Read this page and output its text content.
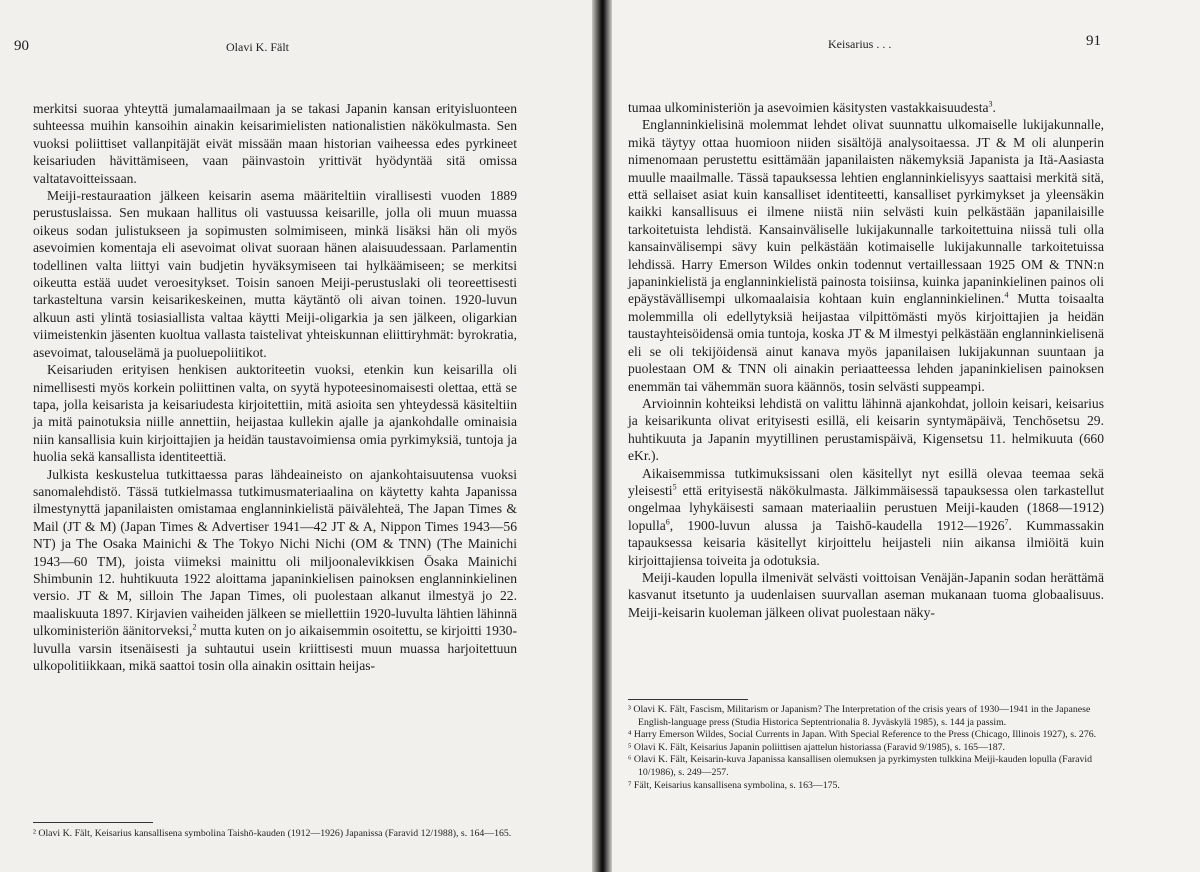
90	Olavi K. Fält

merkitsi suoraa yhteyttä jumalamaailmaan ja se takasi Japanin kansan erityisluonteen suhteessa muihin kansoihin ainakin keisarimielisten nationalistien näkökulmasta. Sen vuoksi poliittiset vallanpitäjät eivät missään maan historian vaiheessa edes pyrkineet keisariuden hävittämiseen, vaan päinvastoin yrittivät hyödyntää sitä omissa valtatavoitteissaan.

Meiji-restauraation jälkeen keisarin asema määriteltiin virallisesti vuoden 1889 perustuslaissa. Sen mukaan hallitus oli vastuussa keisarille, jolla oli muun muassa oikeus sodan julistukseen ja sopimusten solmimiseen, minkä lisäksi hän oli myös asevoimien komentaja eli asevoimat olivat suoraan hänen alaisuudessaan. Parlamentin todellinen valta liittyi vain budjetin hyväksymiseen tai hylkäämiseen; se merkitsi oikeutta estää uudet veroesitykset. Toisin sanoen Meiji-perustuslaki oli teoreettisesti tarkasteltuna varsin keisarikeskeinen, mutta käytäntö oli aivan toinen. 1920-luvun alkuun asti ylintä tosiasiallista valtaa käytti Meiji-oligarkia ja sen jälkeen, oligarkian viimeistenkin jäsenten kuoltua vallasta taistelivat yhteiskunnan eliittiryhmät: byrokratia, asevoimat, talouselämä ja puoluepoliitikot.

Keisariuden erityisen henkisen auktoriteetin vuoksi, etenkin kun keisarilla oli nimellisesti myös korkein poliittinen valta, on syytä hypoteesinomaisesti olettaa, että se tapa, jolla keisarista ja keisariudesta kirjoitettiin, mitä asioita sen yhteydessä käsiteltiin ja mitä painotuksia niille annettiin, heijastaa kullekin ajalle ja ajankohdalle ominaisia niin kansallisia kuin kirjoittajien ja heidän taustavoimiensa omia pyrkimyksiä, tuntoja ja huolia sekä kansallista identiteettiä.

Julkista keskustelua tutkittaessa paras lähdeaineisto on ajankohtaisuutensa vuoksi sanomalehdistö. Tässä tutkielmassa tutkimusmateriaalina on käytetty kahta Japanissa ilmestynyttä japanilaisten omistamaa englanninkielistä päivälehteä, The Japan Times & Mail (JT & M) (Japan Times & Advertiser 1941—42 JT & A, Nippon Times 1943—56 NT) ja The Osaka Mainichi & The Tokyo Nichi Nichi (OM & TNN) (The Mainichi 1943—60 TM), joista viimeksi mainittu oli miljoonalevikkisen Ōsaka Mainichi Shimbunin 12. huhtikuuta 1922 aloittama japaninkielisen painoksen englanninkielinen versio. JT & M, silloin The Japan Times, oli puolestaan alkanut ilmestyä jo 22. maaliskuuta 1897. Kirjavien vaiheiden jälkeen se miellettiin 1920-luvulta lähtien lähinnä ulkoministeriön äänitorveksi,$^2$ mutta kuten on jo aikaisemmin osoitettu, se kirjoitti 1930-luvulla varsin itsenäisesti ja suhtautui usein kriittisesti muun muassa harjoitettuun ulkopolitiikkaan, mikä saattoi tosin olla ainakin osittain heijas-

² Olavi K. Fält, Keisarius kansallisena symbolina Taishō-kauden (1912—1926) Japanissa (Faravid 12/1988), s. 164—165.

Keisarius . . .	91

tumaa ulkoministeriön ja asevoimien käsitysten vastakkaisuudesta$^3$.

Englanninkielisinä molemmat lehdet olivat suunnattu ulkomaiselle lukijakunnalle, mikä täytyy ottaa huomioon niiden sisältöjä analysoitaessa. JT & M oli alunperin nimenomaan perustettu esittämään japanilaisten näkemyksiä Japanista ja Itä-Aasiasta muulle maailmalle. Tässä tapauksessa lehtien englanninkielisyys saattaisi merkitä sitä, että sellaiset asiat kuin kansalliset identiteetti, kansalliset pyrkimykset ja yleensäkin kaikki kansallisuus ei ilmene niistä niin selvästi kuin pelkästään japanilaisille tarkoitetuista lehdistä. Kansainväliselle lukijakunnalle tarkoitettuina niissä tuli olla kansainvälisempi sävy kuin pelkästään kotimaiselle lukijakunnalle tarkoitetuissa lehdissä. Harry Emerson Wildes onkin todennut vertaillessaan 1925 OM & TNN:n japaninkielistä ja englanninkielistä painosta toisiinsa, kuinka japaninkielinen painos oli epäystävällisempi ulkomaalaisia kohtaan kuin englanninkielinen.$^4$ Mutta toisaalta molemmilla oli edellytyksiä heijastaa vilpittömästi myös kirjoittajien ja heidän taustayhteisöidensä omia tuntoja, koska JT & M ilmestyi pelkästään englanninkielisenä eli se oli tekijöidensä ainut kanava myös japanilaisen lukijakunnan suuntaan ja puolestaan OM & TNN oli ainakin periaatteessa lehden japaninkielisen painoksen enemmän tai vähemmän suora käännös, tosin selvästi suppeampi.

Arvioinnin kohteiksi lehdistä on valittu lähinnä ajankohdat, jolloin keisari, keisarius ja keisarikunta olivat erityisesti esillä, eli keisarin syntymäpäivä, Tenchōsetsu 29. huhtikuuta ja Japanin myytillinen perustamispäivä, Kigensetsu 11. helmikuuta (660 eKr.).

Aikaisemmissa tutkimuksissani olen käsitellyt nyt esillä olevaa teemaa sekä yleisesti$^5$ että erityisestä näkökulmasta. Jälkimmäisessä tapauksessa olen tarkastellut ongelmaa lyhykäisesti samaan materiaaliin perustuen Meiji-kauden (1868—1912) lopulla$^6$, 1900-luvun alussa ja Taishō-kaudella 1912—1926$^7$. Kummassakin tapauksessa keisaria käsitellyt kirjoittelu heijasteli niin aikansa ilmiöitä kuin kirjoittajiensa toiveita ja odotuksia.

Meiji-kauden lopulla ilmenivät selvästi voittoisan Venäjän-Japanin sodan herättämä kasvanut itsetunto ja uudenlaisen suurvallan aseman mukanaan tuoma globaalisuus. Meiji-keisarin kuoleman jälkeen olivat puolestaan näky-

³ Olavi K. Fält, Fascism, Militarism or Japanism? The Interpretation of the crisis years of 1930—1941 in the Japanese English-language press (Studia Historica Septentrionalia 8. Jyväskylä 1985), s. 144 ja passim.

⁴ Harry Emerson Wildes, Social Currents in Japan. With Special Reference to the Press (Chicago, Illinois 1927), s. 276.

⁵ Olavi K. Fält, Keisarius Japanin poliittisen ajattelun historiassa (Faravid 9/1985), s. 165—187.

⁶ Olavi K. Fält, Keisarin-kuva Japanissa kansallisen olemuksen ja pyrkimysten tulkkina Meiji-kauden lopulla (Faravid 10/1986), s. 249—257.

⁷ Fält, Keisarius kansallisena symbolina, s. 163—175.
